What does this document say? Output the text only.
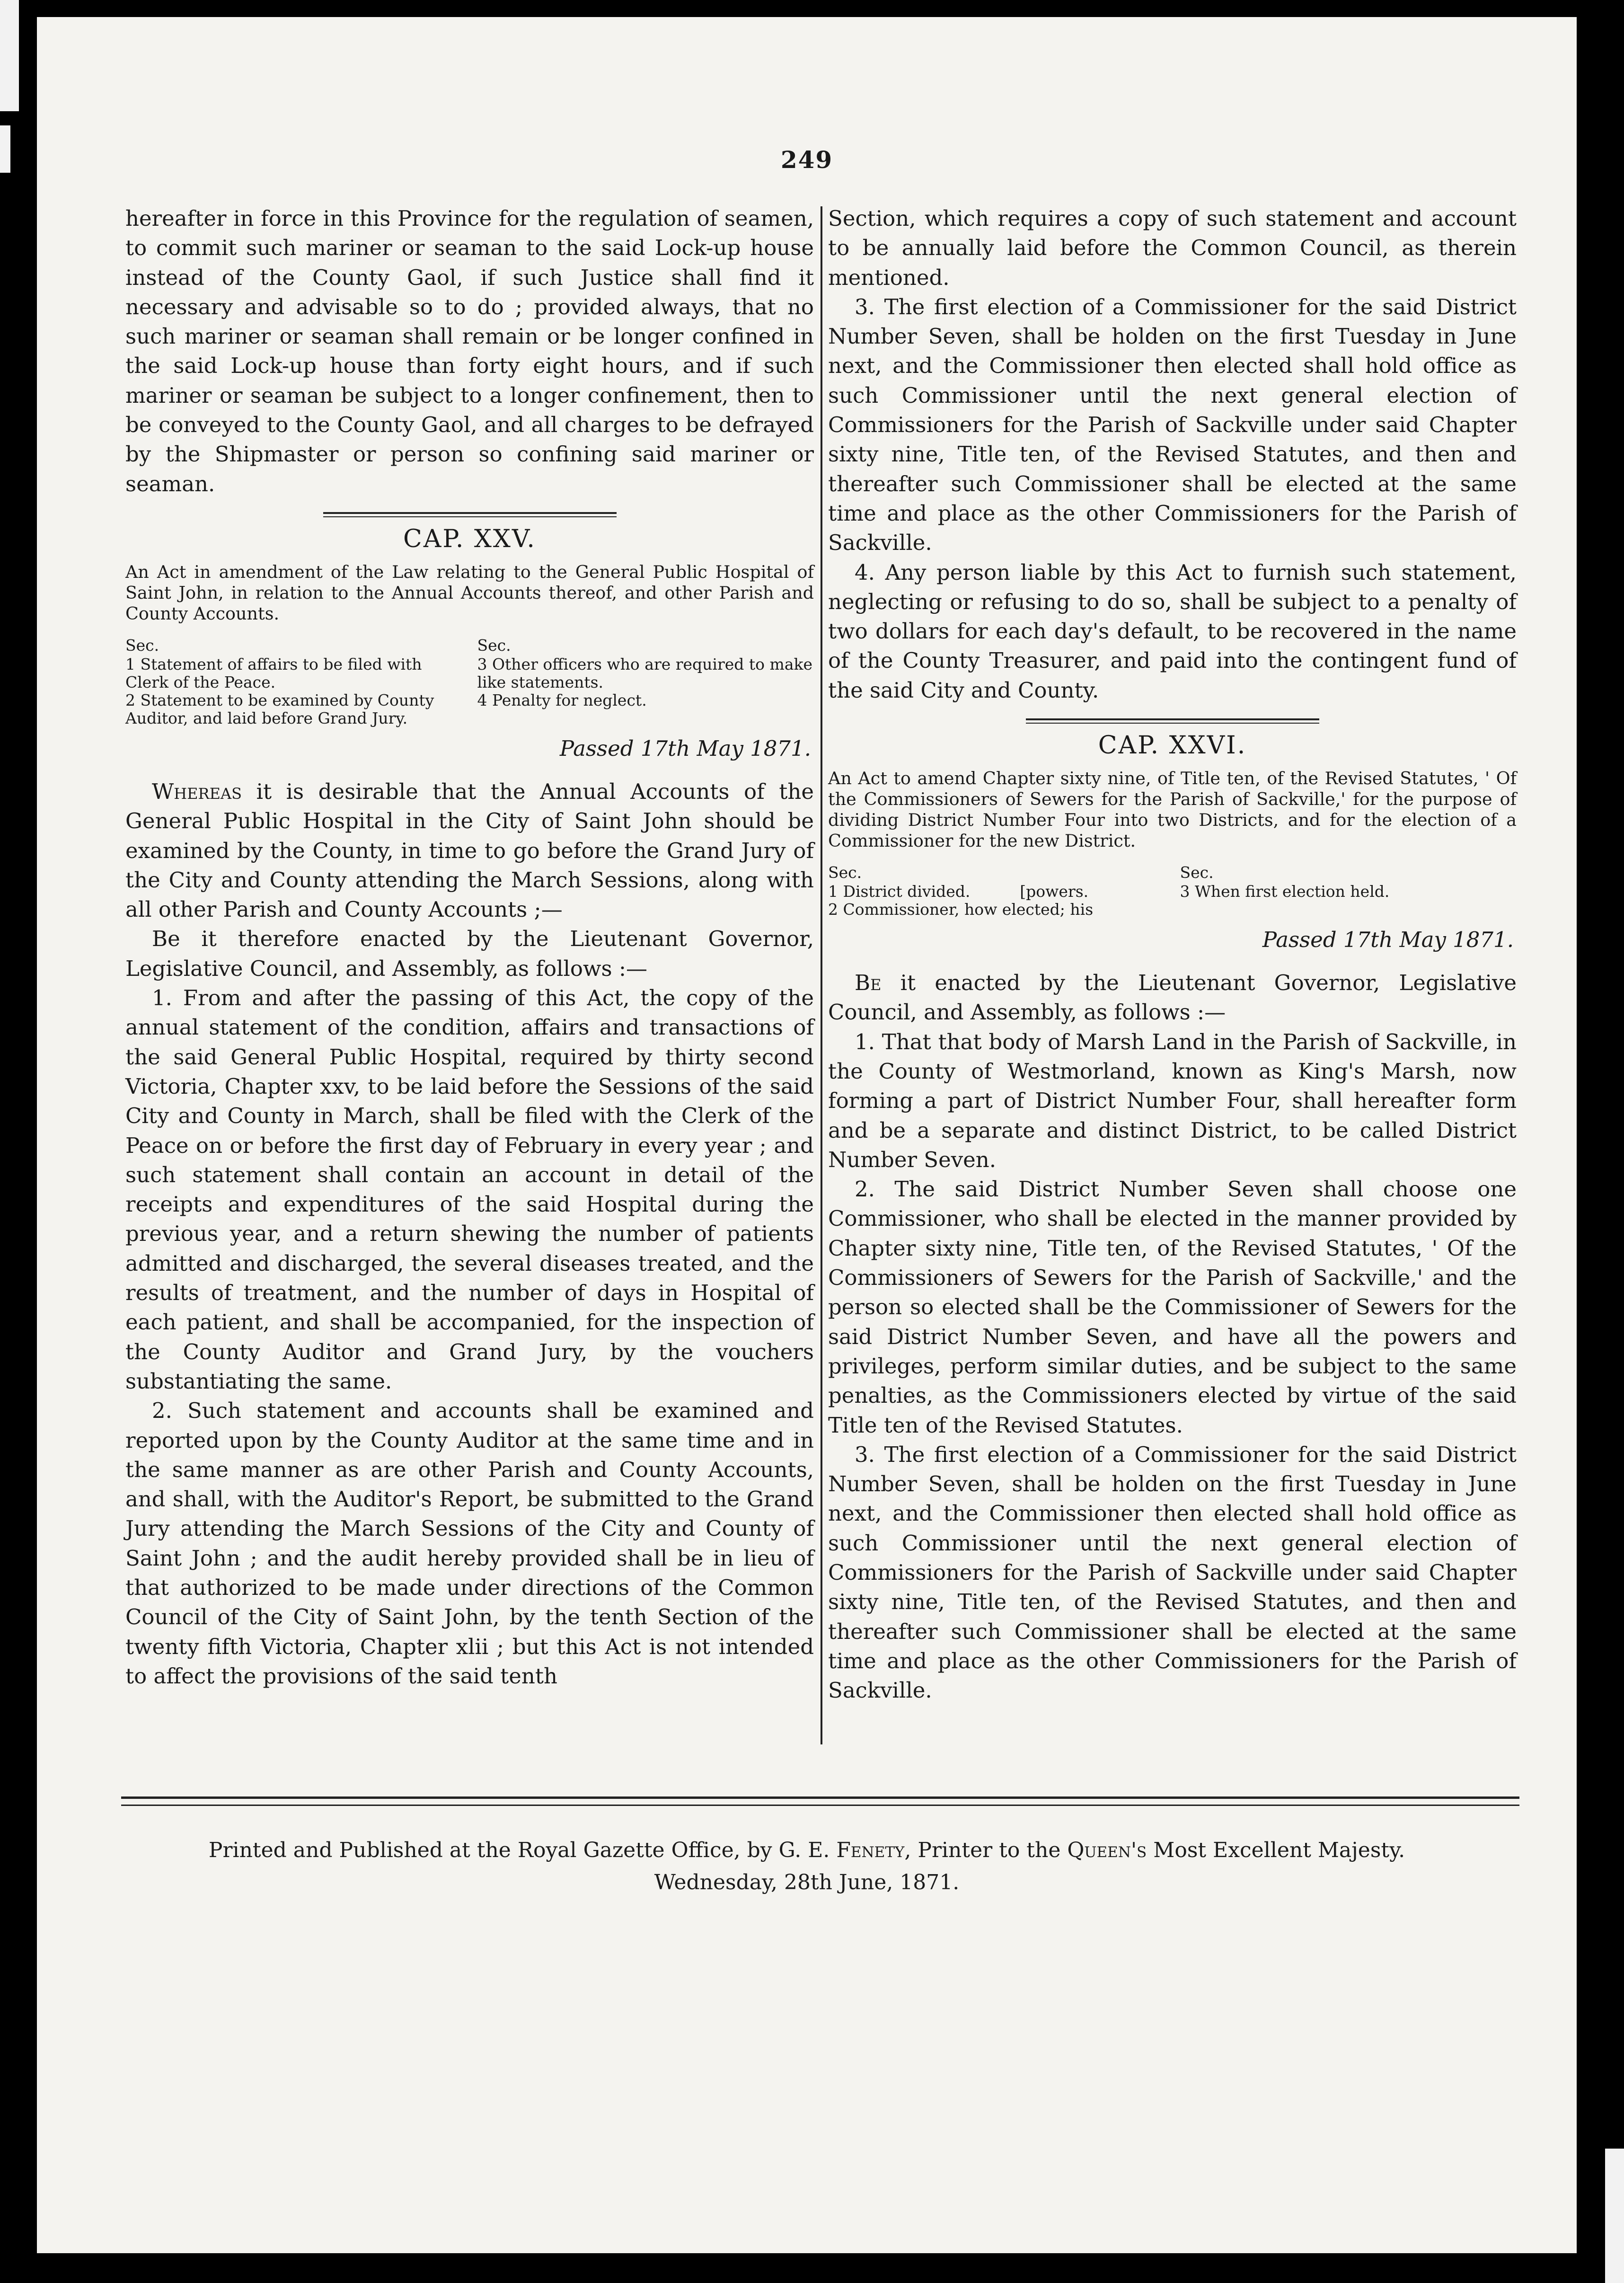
249

hereafter in force in this Province for the regulation of seamen, to commit such mariner or seaman to the said Lock-up house instead of the County Gaol, if such Justice shall find it necessary and advisable so to do ; provided always, that no such mariner or seaman shall remain or be longer confined in the said Lock-up house than forty eight hours, and if such mariner or seaman be subject to a longer confinement, then to be conveyed to the County Gaol, and all charges to be defrayed by the Shipmaster or person so confining said mariner or seaman.

CAP. XXV.

An Act in amendment of the Law relating to the General Public Hospital of Saint John, in relation to the Annual Accounts thereof, and other Parish and County Accounts.

Sec.
1 Statement of affairs to be filed with Clerk of the Peace.
2 Statement to be examined by County Auditor, and laid before Grand Jury.
Sec.
3 Other officers who are required to make like statements.
4 Penalty for neglect.
Passed 17th May 1871.

Whereas it is desirable that the Annual Accounts of the General Public Hospital in the City of Saint John should be examined by the County, in time to go before the Grand Jury of the City and County attending the March Sessions, along with all other Parish and County Accounts ;—

Be it therefore enacted by the Lieutenant Governor, Legislative Council, and Assembly, as follows :—

1. From and after the passing of this Act, the copy of the annual statement of the condition, affairs and transactions of the said General Public Hospital, required by thirty second Victoria, Chapter xxv, to be laid before the Sessions of the said City and County in March, shall be filed with the Clerk of the Peace on or before the first day of February in every year ; and such statement shall contain an account in detail of the receipts and expenditures of the said Hospital during the previous year, and a return shewing the number of patients admitted and discharged, the several diseases treated, and the results of treatment, and the number of days in Hospital of each patient, and shall be accompanied, for the inspection of the County Auditor and Grand Jury, by the vouchers substantiating the same.

2. Such statement and accounts shall be examined and reported upon by the County Auditor at the same time and in the same manner as are other Parish and County Accounts, and shall, with the Auditor's Report, be submitted to the Grand Jury attending the March Sessions of the City and County of Saint John ; and the audit hereby provided shall be in lieu of that authorized to be made under directions of the Common Council of the City of Saint John, by the tenth Section of the twenty fifth Victoria, Chapter xlii ; but this Act is not intended to affect the provisions of the said tenth

Section, which requires a copy of such statement and account to be annually laid before the Common Council, as therein mentioned.

3. The first election of a Commissioner for the said District Number Seven, shall be holden on the first Tuesday in June next, and the Commissioner then elected shall hold office as such Commissioner until the next general election of Commissioners for the Parish of Sackville under said Chapter sixty nine, Title ten, of the Revised Statutes, and then and thereafter such Commissioner shall be elected at the same time and place as the other Commissioners for the Parish of Sackville.

4. Any person liable by this Act to furnish such statement, neglecting or refusing to do so, shall be subject to a penalty of two dollars for each day's default, to be recovered in the name of the County Treasurer, and paid into the contingent fund of the said City and County.

CAP. XXVI.

An Act to amend Chapter sixty nine, of Title ten, of the Revised Statutes, ' Of the Commissioners of Sewers for the Parish of Sackville,' for the purpose of dividing District Number Four into two Districts, and for the election of a Commissioner for the new District.

Sec.
1 District divided.          [powers.
2 Commissioner, how elected; his
Sec.
3 When first election held.
Passed 17th May 1871.

Be it enacted by the Lieutenant Governor, Legislative Council, and Assembly, as follows :—

1. That that body of Marsh Land in the Parish of Sackville, in the County of Westmorland, known as King's Marsh, now forming a part of District Number Four, shall hereafter form and be a separate and distinct District, to be called District Number Seven.

2. The said District Number Seven shall choose one Commissioner, who shall be elected in the manner provided by Chapter sixty nine, Title ten, of the Revised Statutes, ' Of the Commissioners of Sewers for the Parish of Sackville,' and the person so elected shall be the Commissioner of Sewers for the said District Number Seven, and have all the powers and privileges, perform similar duties, and be subject to the same penalties, as the Commissioners elected by virtue of the said Title ten of the Revised Statutes.

3. The first election of a Commissioner for the said District Number Seven, shall be holden on the first Tuesday in June next, and the Commissioner then elected shall hold office as such Commissioner until the next general election of Commissioners for the Parish of Sackville under said Chapter sixty nine, Title ten, of the Revised Statutes, and then and thereafter such Commissioner shall be elected at the same time and place as the other Commissioners for the Parish of Sackville.

Printed and Published at the Royal Gazette Office, by G. E. Fenety, Printer to the Queen's Most Excellent Majesty.
Wednesday, 28th June, 1871.
